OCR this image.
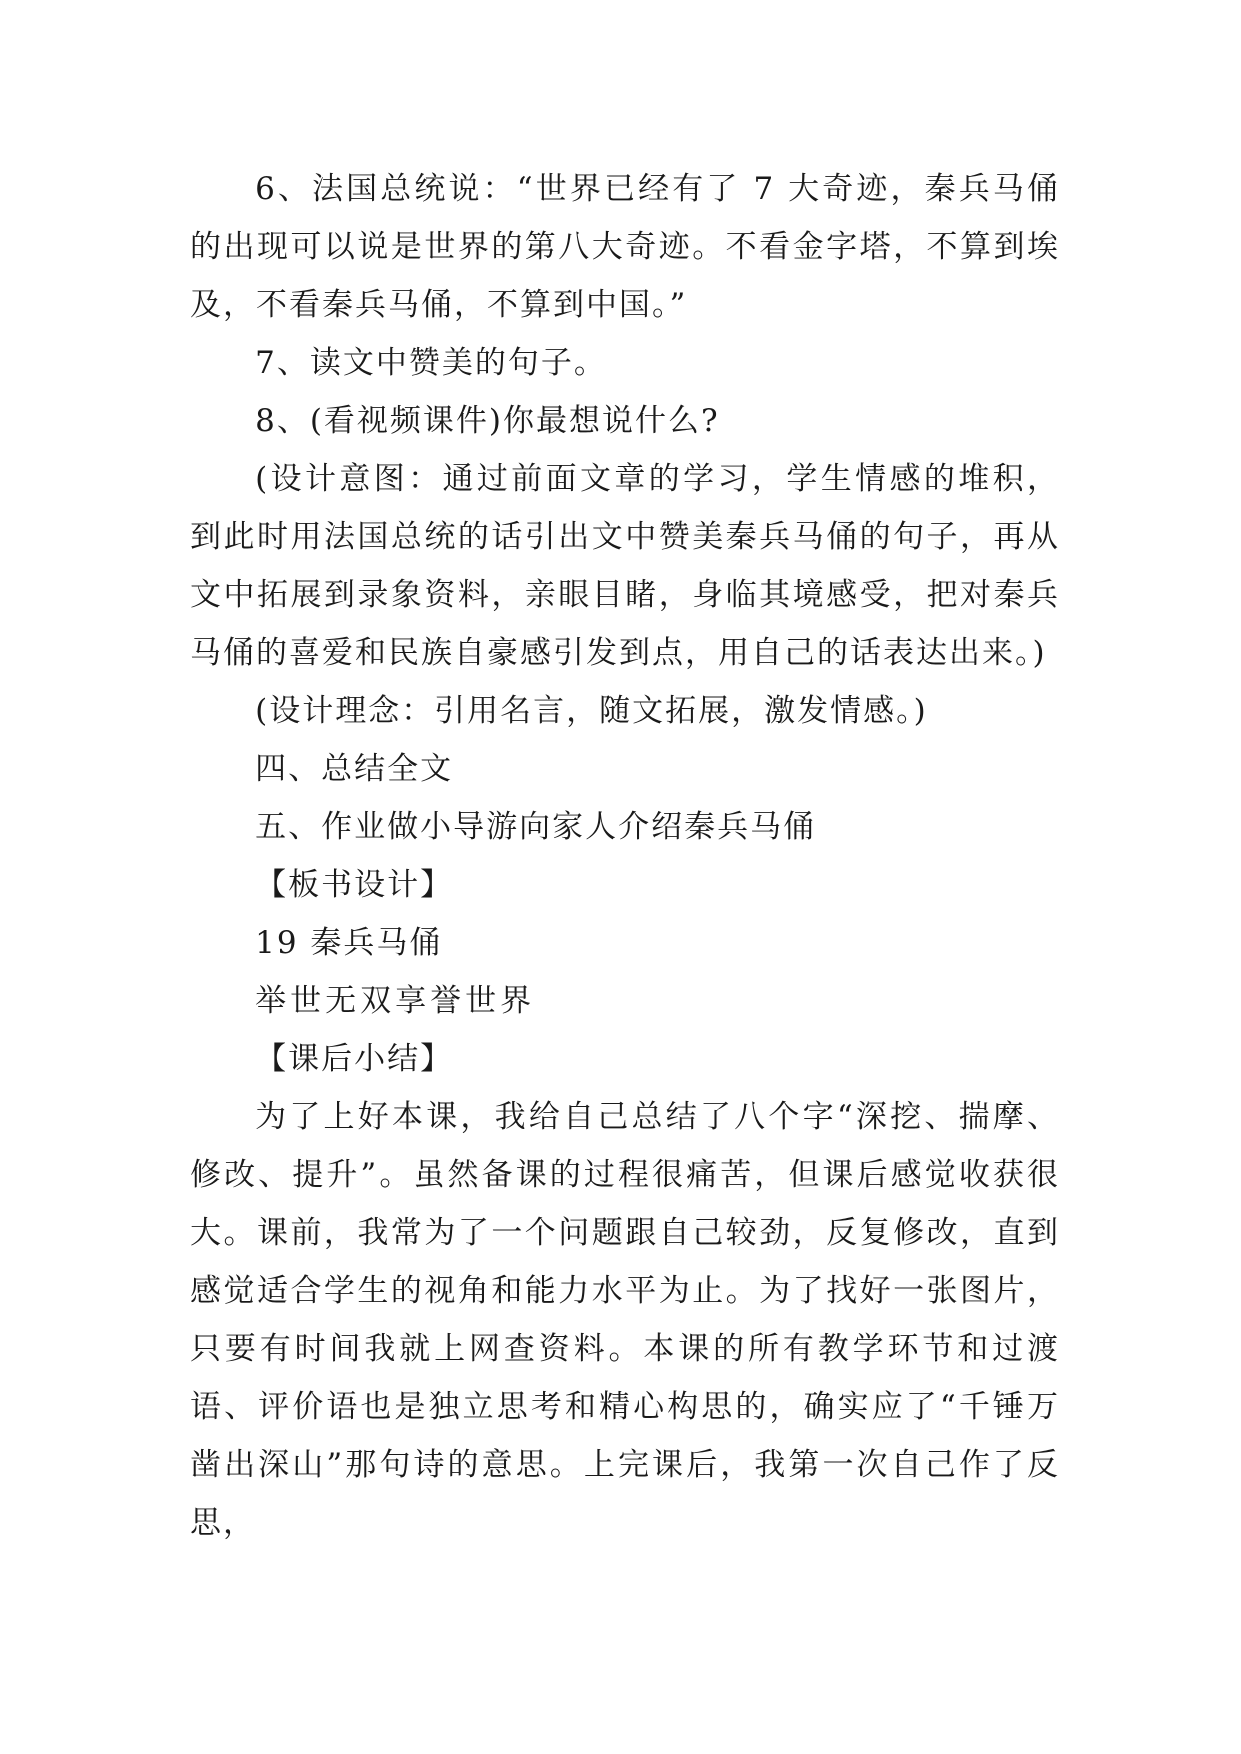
6、法国总统说：“世界已经有了 7 大奇迹，秦兵马俑的出现可以说是世界的第八大奇迹。不看金字塔，不算到埃及，不看秦兵马俑，不算到中国。”

7、读文中赞美的句子。

8、(看视频课件)你最想说什么?

(设计意图：通过前面文章的学习，学生情感的堆积，到此时用法国总统的话引出文中赞美秦兵马俑的句子，再从文中拓展到录象资料，亲眼目睹，身临其境感受，把对秦兵马俑的喜爱和民族自豪感引发到点，用自己的话表达出来。)

(设计理念：引用名言，随文拓展，激发情感。)

四、总结全文

五、作业做小导游向家人介绍秦兵马俑

【板书设计】

19 秦兵马俑

举世无双享誉世界

【课后小结】

为了上好本课，我给自己总结了八个字“深挖、揣摩、修改、提升”。虽然备课的过程很痛苦，但课后感觉收获很大。课前，我常为了一个问题跟自己较劲，反复修改，直到感觉适合学生的视角和能力水平为止。为了找好一张图片，只要有时间我就上网查资料。本课的所有教学环节和过渡语、评价语也是独立思考和精心构思的，确实应了“千锤万凿出深山”那句诗的意思。上完课后，我第一次自己作了反思，
